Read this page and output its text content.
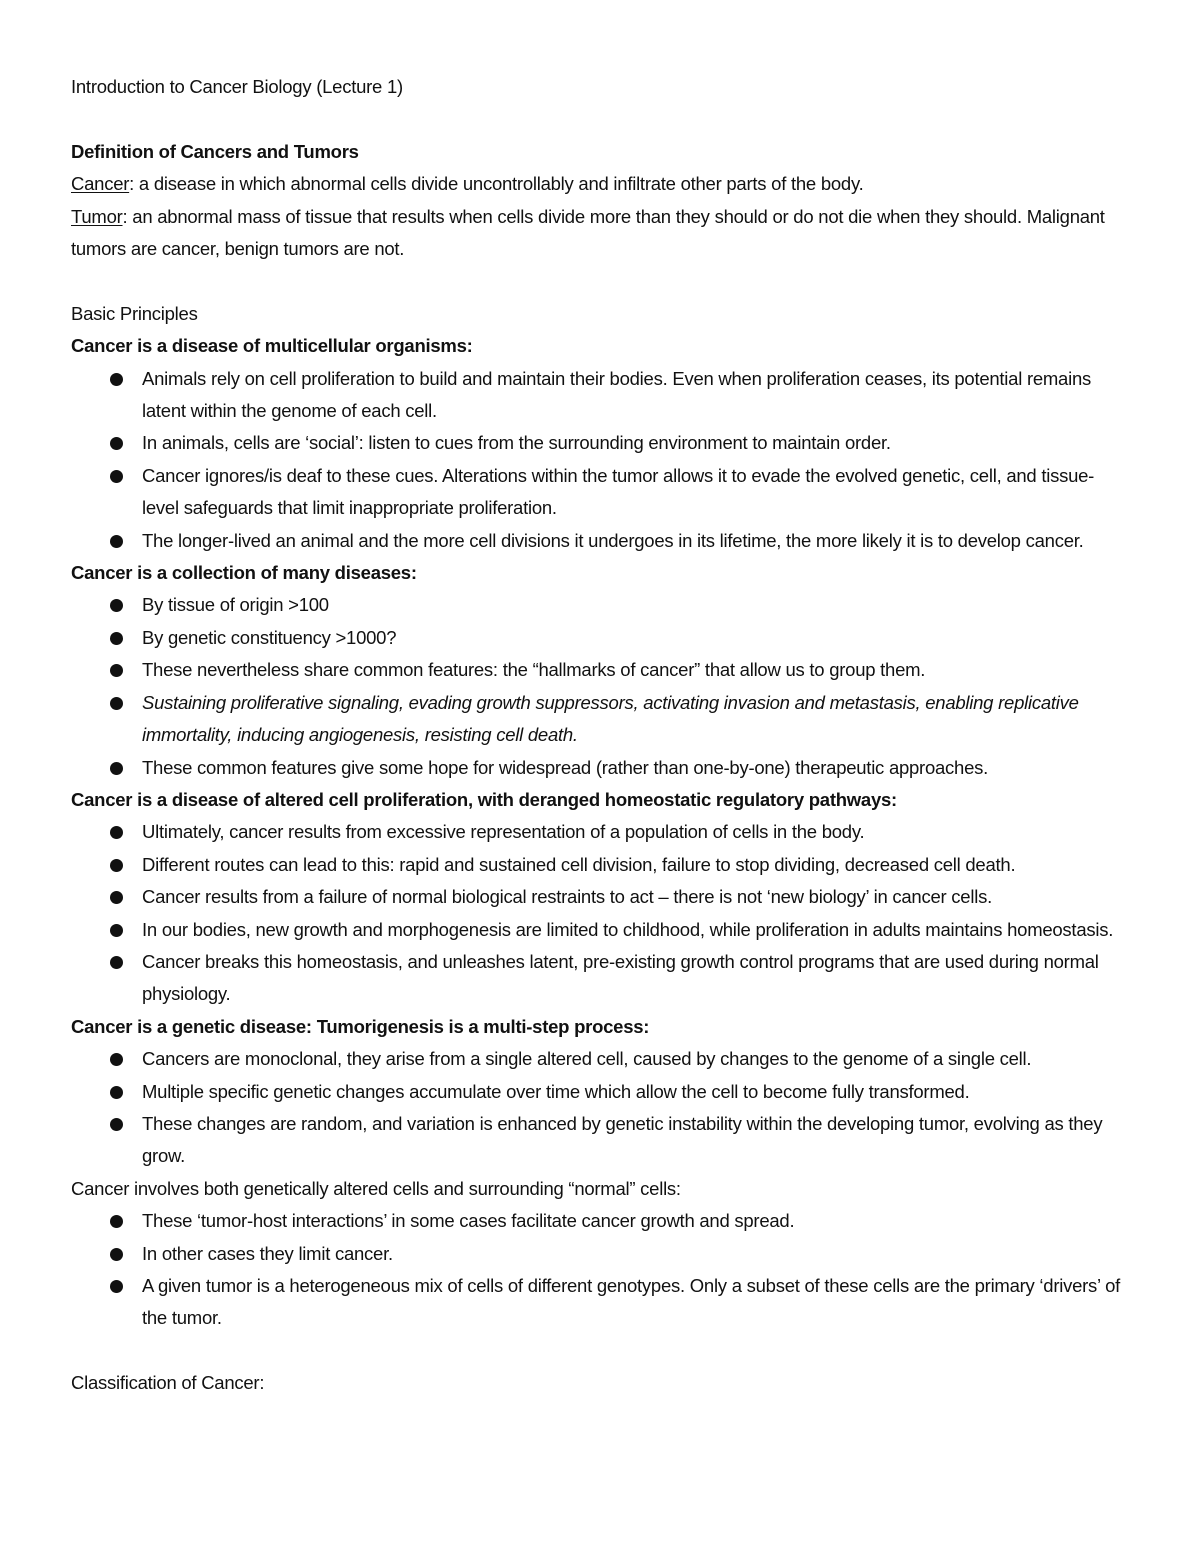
Introduction to Cancer Biology (Lecture 1)

Definition of Cancers and Tumors

Cancer: a disease in which abnormal cells divide uncontrollably and infiltrate other parts of the body.

Tumor: an abnormal mass of tissue that results when cells divide more than they should or do not die when they should. Malignant tumors are cancer, benign tumors are not.

Basic Principles

Cancer is a disease of multicellular organisms:

Animals rely on cell proliferation to build and maintain their bodies. Even when proliferation ceases, its potential remains latent within the genome of each cell.
In animals, cells are ‘social’: listen to cues from the surrounding environment to maintain order.
Cancer ignores/is deaf to these cues. Alterations within the tumor allows it to evade the evolved genetic, cell, and tissue-level safeguards that limit inappropriate proliferation.
The longer-lived an animal and the more cell divisions it undergoes in its lifetime, the more likely it is to develop cancer.

Cancer is a collection of many diseases:

By tissue of origin >100
By genetic constituency >1000?
These nevertheless share common features: the “hallmarks of cancer” that allow us to group them.
Sustaining proliferative signaling, evading growth suppressors, activating invasion and metastasis, enabling replicative immortality, inducing angiogenesis, resisting cell death.
These common features give some hope for widespread (rather than one-by-one) therapeutic approaches.

Cancer is a disease of altered cell proliferation, with deranged homeostatic regulatory pathways:

Ultimately, cancer results from excessive representation of a population of cells in the body.
Different routes can lead to this: rapid and sustained cell division, failure to stop dividing, decreased cell death.
Cancer results from a failure of normal biological restraints to act – there is not ‘new biology’ in cancer cells.
In our bodies, new growth and morphogenesis are limited to childhood, while proliferation in adults maintains homeostasis.
Cancer breaks this homeostasis, and unleashes latent, pre-existing growth control programs that are used during normal physiology.

Cancer is a genetic disease: Tumorigenesis is a multi-step process:

Cancers are monoclonal, they arise from a single altered cell, caused by changes to the genome of a single cell.
Multiple specific genetic changes accumulate over time which allow the cell to become fully transformed.
These changes are random, and variation is enhanced by genetic instability within the developing tumor, evolving as they grow.

Cancer involves both genetically altered cells and surrounding “normal” cells:

These ‘tumor-host interactions’ in some cases facilitate cancer growth and spread.
In other cases they limit cancer.
A given tumor is a heterogeneous mix of cells of different genotypes. Only a subset of these cells are the primary ‘drivers’ of the tumor.

Classification of Cancer:
